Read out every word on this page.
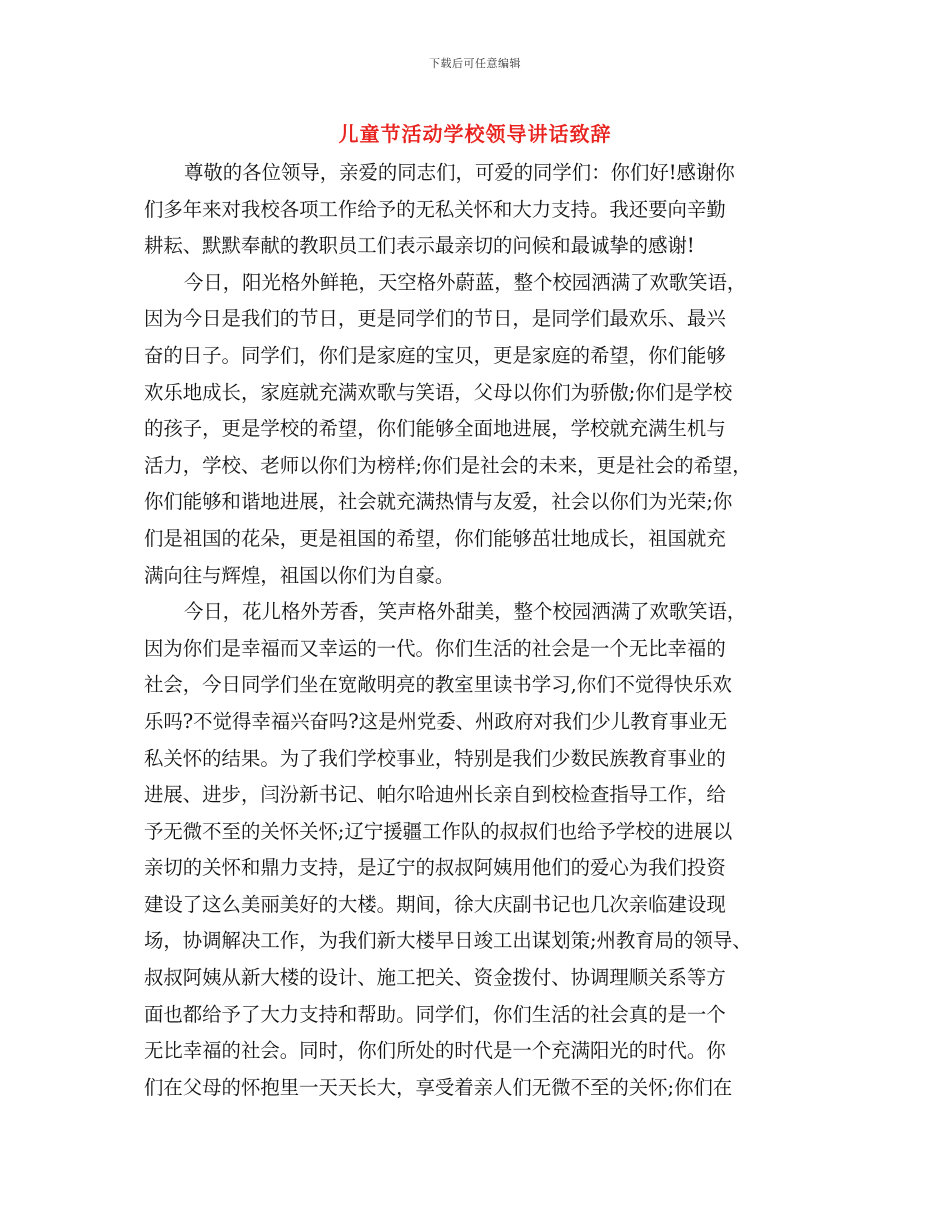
下载后可任意编辑
儿童节活动学校领导讲话致辞
尊敬的各位领导，亲爱的同志们，可爱的同学们：你们好!感谢你
们多年来对我校各项工作给予的无私关怀和大力支持。我还要向辛勤
耕耘、默默奉献的教职员工们表示最亲切的问候和最诚挚的感谢!
今日，阳光格外鲜艳，天空格外蔚蓝，整个校园洒满了欢歌笑语，
因为今日是我们的节日，更是同学们的节日，是同学们最欢乐、最兴
奋的日子。同学们，你们是家庭的宝贝，更是家庭的希望，你们能够
欢乐地成长，家庭就充满欢歌与笑语，父母以你们为骄傲;你们是学校
的孩子，更是学校的希望，你们能够全面地进展，学校就充满生机与
活力，学校、老师以你们为榜样;你们是社会的未来，更是社会的希望，
你们能够和谐地进展，社会就充满热情与友爱，社会以你们为光荣;你
们是祖国的花朵，更是祖国的希望，你们能够茁壮地成长，祖国就充
满向往与辉煌，祖国以你们为自豪。
今日，花儿格外芳香，笑声格外甜美，整个校园洒满了欢歌笑语，
因为你们是幸福而又幸运的一代。你们生活的社会是一个无比幸福的
社会，今日同学们坐在宽敞明亮的教室里读书学习,你们不觉得快乐欢
乐吗?不觉得幸福兴奋吗?这是州党委、州政府对我们少儿教育事业无
私关怀的结果。为了我们学校事业，特别是我们少数民族教育事业的
进展、进步，闫汾新书记、帕尔哈迪州长亲自到校检查指导工作，给
予无微不至的关怀关怀;辽宁援疆工作队的叔叔们也给予学校的进展以
亲切的关怀和鼎力支持，是辽宁的叔叔阿姨用他们的爱心为我们投资
建设了这么美丽美好的大楼。期间，徐大庆副书记也几次亲临建设现
场，协调解决工作，为我们新大楼早日竣工出谋划策;州教育局的领导、
叔叔阿姨从新大楼的设计、施工把关、资金拨付、协调理顺关系等方
面也都给予了大力支持和帮助。同学们，你们生活的社会真的是一个
无比幸福的社会。同时，你们所处的时代是一个充满阳光的时代。你
们在父母的怀抱里一天天长大，享受着亲人们无微不至的关怀;你们在
